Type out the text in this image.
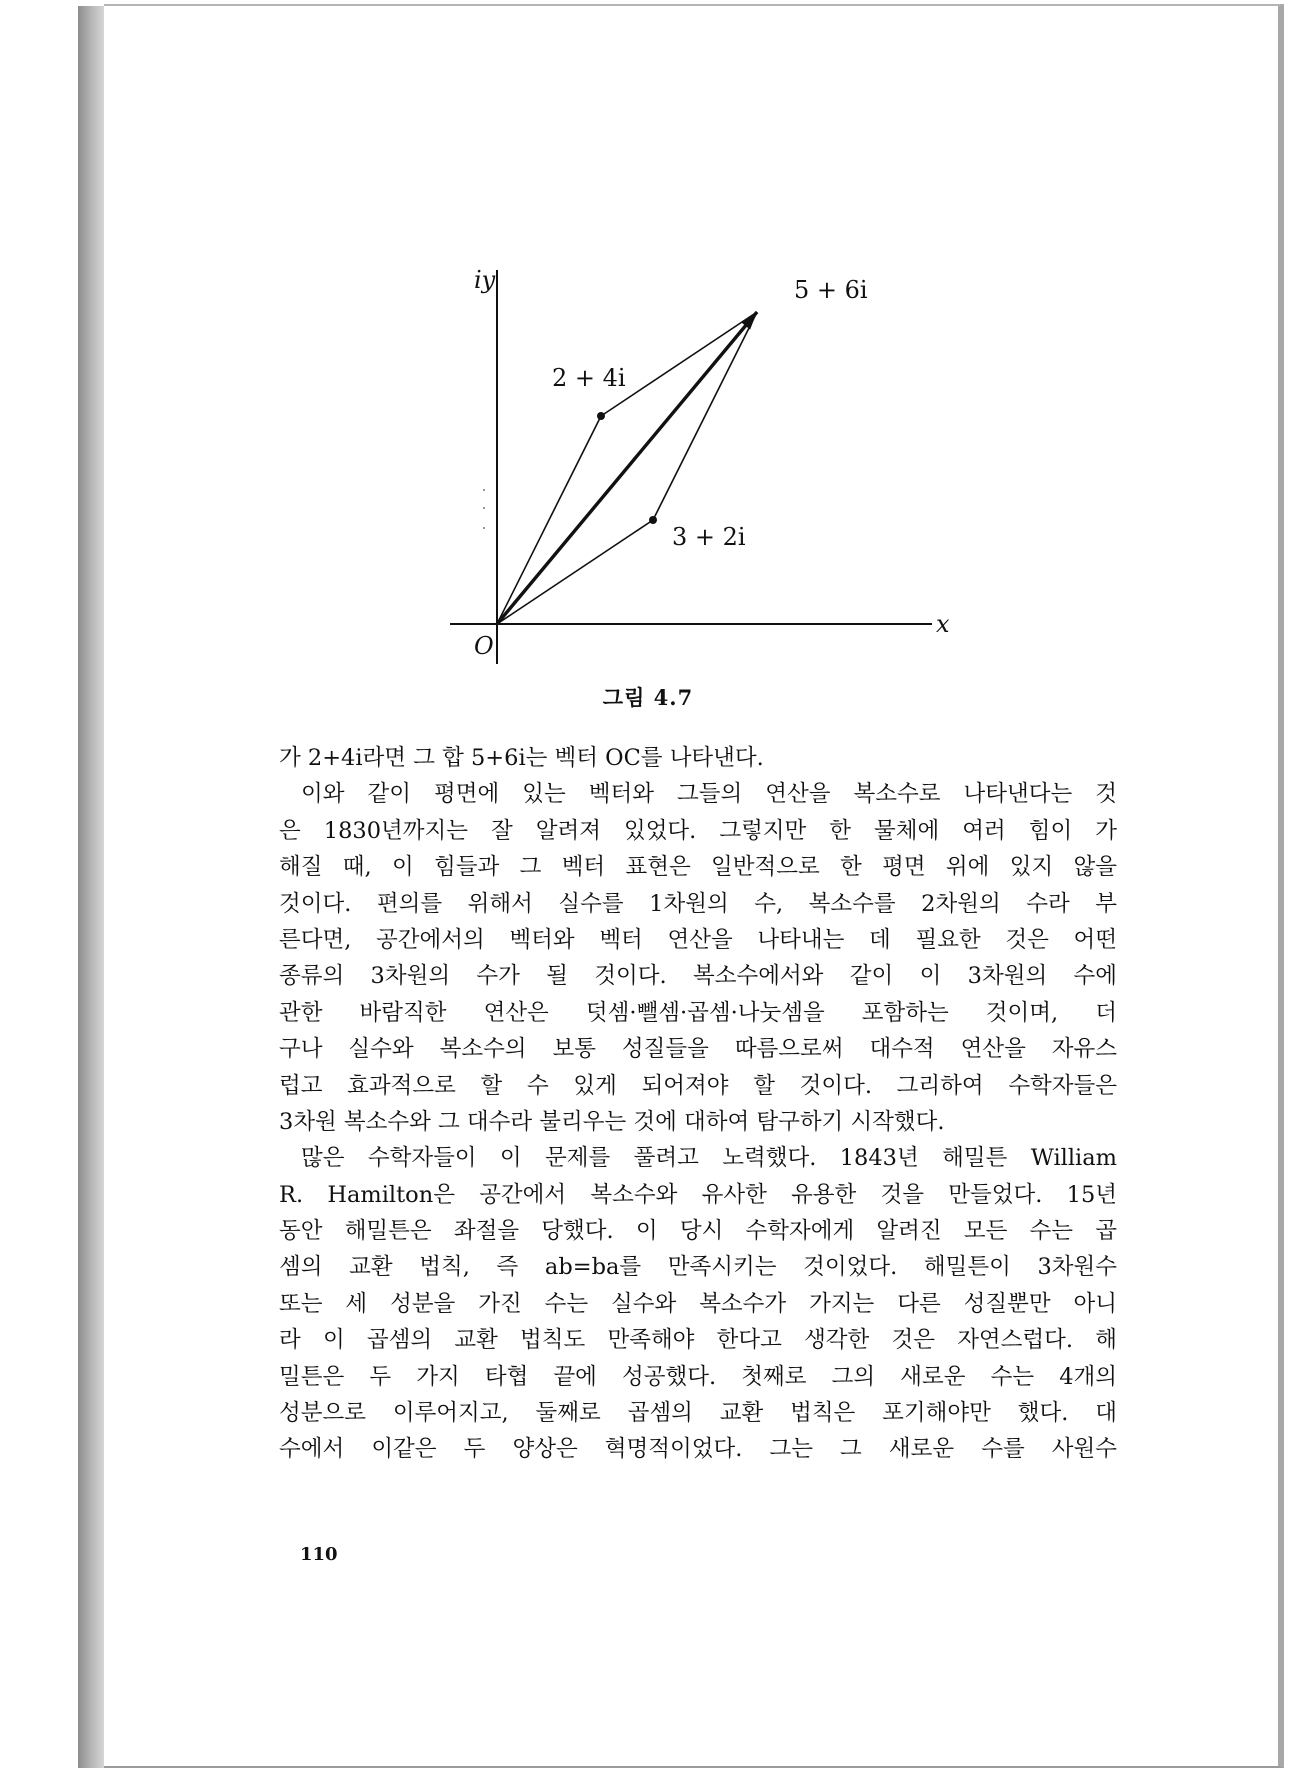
iy
x
O
2 + 4i
3 + 2i
5 + 6i
그림 4.7
가 2+4i라면 그 합 5+6i는 벡터 OC를 나타낸다.
이와 같이 평면에 있는 벡터와 그들의 연산을 복소수로 나타낸다는 것
은 1830년까지는 잘 알려져 있었다. 그렇지만 한 물체에 여러 힘이 가
해질 때, 이 힘들과 그 벡터 표현은 일반적으로 한 평면 위에 있지 않을
것이다. 편의를 위해서 실수를 1차원의 수, 복소수를 2차원의 수라 부
른다면, 공간에서의 벡터와 벡터 연산을 나타내는 데 필요한 것은 어떤
종류의 3차원의 수가 될 것이다. 복소수에서와 같이 이 3차원의 수에
관한 바람직한 연산은 덧셈·뺄셈·곱셈·나눗셈을 포함하는 것이며, 더
구나 실수와 복소수의 보통 성질들을 따름으로써 대수적 연산을 자유스
럽고 효과적으로 할 수 있게 되어져야 할 것이다. 그리하여 수학자들은
3차원 복소수와 그 대수라 불리우는 것에 대하여 탐구하기 시작했다.
많은 수학자들이 이 문제를 풀려고 노력했다. 1843년 해밀튼 William
R. Hamilton은 공간에서 복소수와 유사한 유용한 것을 만들었다. 15년
동안 해밀튼은 좌절을 당했다. 이 당시 수학자에게 알려진 모든 수는 곱
셈의 교환 법칙, 즉 ab=ba를 만족시키는 것이었다. 해밀튼이 3차원수
또는 세 성분을 가진 수는 실수와 복소수가 가지는 다른 성질뿐만 아니
라 이 곱셈의 교환 법칙도 만족해야 한다고 생각한 것은 자연스럽다. 해
밀튼은 두 가지 타협 끝에 성공했다. 첫째로 그의 새로운 수는 4개의
성분으로 이루어지고, 둘째로 곱셈의 교환 법칙은 포기해야만 했다. 대
수에서 이같은 두 양상은 혁명적이었다. 그는 그 새로운 수를 사원수
110
